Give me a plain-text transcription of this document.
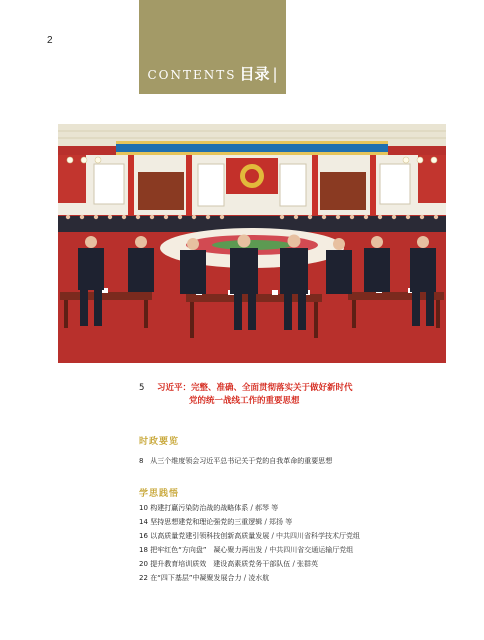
2
CONTENTS 目录 |
5 习近平：完整、准确、全面贯彻落实关于做好新时代
党的统一战线工作的重要思想
时政要览
8 从三个维度领会习近平总书记关于党的自我革命的重要思想
学思践悟
10 构建打赢污染防治战的战略体系 / 郝琴 等
14 坚持思想建党和理论强党的三重逻辑 / 郑扬 等
16 以高质量党建引领科技创新高质量发展 / 中共四川省科学技术厅党组
18 把牢红色“方向盘”　凝心聚力再出发 / 中共四川省交通运输厅党组
20 提升教育培训质效　建设高素质党务干部队伍 / 张群英
22 在“四下基层”中凝聚发展合力 / 凌水航
